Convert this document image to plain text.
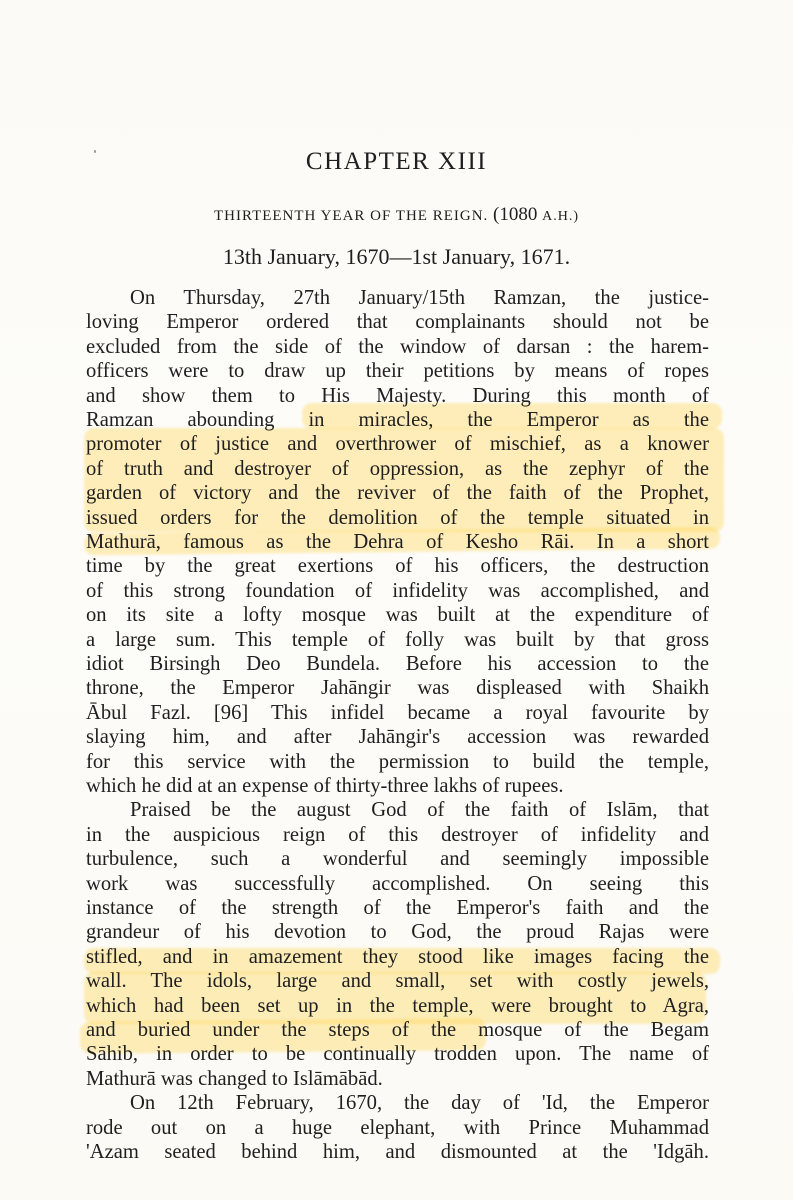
CHAPTER XIII
THIRTEENTH YEAR OF THE REIGN. (1080 A.H.)
13th January, 1670—1st January, 1671.
On Thursday, 27th January/15th Ramzan, the justice-
loving Emperor ordered that complainants should not be
excluded from the side of the window of darsan : the harem-
officers were to draw up their petitions by means of ropes
and show them to His Majesty. During this month of
Ramzan abounding in miracles, the Emperor as the
promoter of justice and overthrower of mischief, as a knower
of truth and destroyer of oppression, as the zephyr of the
garden of victory and the reviver of the faith of the Prophet,
issued orders for the demolition of the temple situated in
Mathurā, famous as the Dehra of Kesho Rāi. In a short
time by the great exertions of his officers, the destruction
of this strong foundation of infidelity was accomplished, and
on its site a lofty mosque was built at the expenditure of
a large sum. This temple of folly was built by that gross
idiot Birsingh Deo Bundela. Before his accession to the
throne, the Emperor Jahāngir was displeased with Shaikh
Ābul Fazl. [96] This infidel became a royal favourite by
slaying him, and after Jahāngir's accession was rewarded
for this service with the permission to build the temple,
which he did at an expense of thirty-three lakhs of rupees.
Praised be the august God of the faith of Islām, that
in the auspicious reign of this destroyer of infidelity and
turbulence, such a wonderful and seemingly impossible
work was successfully accomplished. On seeing this
instance of the strength of the Emperor's faith and the
grandeur of his devotion to God, the proud Rajas were
stifled, and in amazement they stood like images facing the
wall. The idols, large and small, set with costly jewels,
which had been set up in the temple, were brought to Agra,
and buried under the steps of the mosque of the Begam
Sāhib, in order to be continually trodden upon. The name of
Mathurā was changed to Islāmābād.
On 12th February, 1670, the day of 'Id, the Emperor
rode out on a huge elephant, with Prince Muhammad
'Azam seated behind him, and dismounted at the 'Idgāh.
